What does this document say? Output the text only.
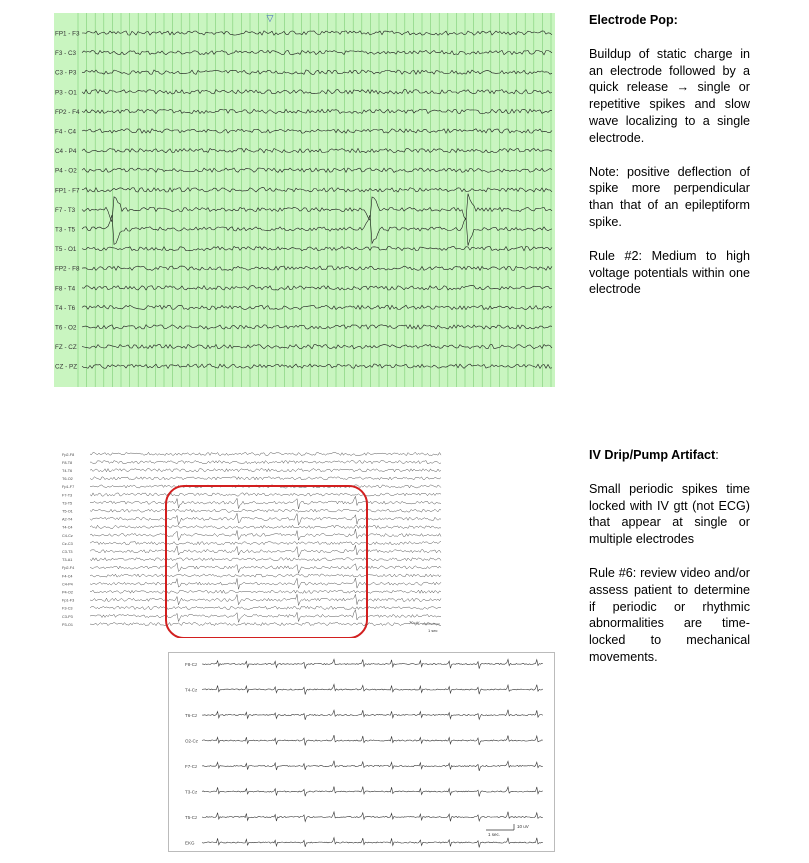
▽
FP1 - F3
F3 - C3
C3 - P3
P3 - O1
FP2 - F4
F4 - C4
C4 - P4
P4 - O2
FP1 - F7
F7 - T3
T3 - T5
T5 - O1
FP2 - F8
F8 - T4
T4 - T6
T6 - O2
FZ - CZ
CZ - PZ
Fp2-F8
F8-T8
T4-T6
T6-O2
Fp1-F7
F7-T3
T3-T5
T5-O1
A2-T4
T4-C4
C4-Cz
Cz-C3
C3-T3
T3-A1
Fp2-F4
F4-C4
C4-P4
P4-O2
Fp1-F3
F3-C3
C3-P3
P3-O1	70 uV
1 sec
F8-Cz
T4-Cz
T6-Cz
O2-Cz
F7-Cz
T3-Cz
T5-Cz
EKG
10 uV
1 sec.

Electrode Pop:

Buildup of static charge in an electrode followed by a quick release → single or repetitive spikes and slow wave localizing to a single electrode.

Note: positive deflection of spike more perpendicular than that of an epileptiform spike.

Rule #2: Medium to high voltage potentials within one electrode

IV Drip/Pump Artifact:

Small periodic spikes time locked with IV gtt (not ECG) that appear at single or multiple electrodes

Rule #6: review video and/or assess patient to determine if periodic or rhythmic abnormalities are time-locked to mechanical movements.
